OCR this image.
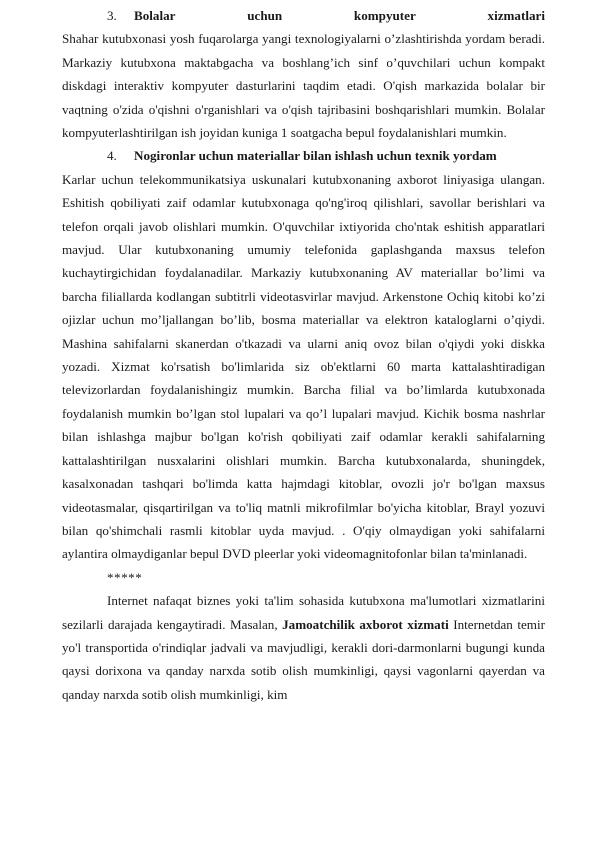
3.	Bolalar	uchun	kompyuter	xizmatlari

Shahar kutubxonasi yosh fuqarolarga yangi texnologiyalarni o’zlashtirishda yordam beradi. Markaziy kutubxona maktabgacha va boshlang’ich sinf o’quvchilari uchun kompakt diskdagi interaktiv kompyuter dasturlarini taqdim etadi. O'qish markazida bolalar bir vaqtning o'zida o'qishni o'rganishlari va o'qish tajribasini boshqarishlari mumkin. Bolalar kompyuterlashtirilgan ish joyidan kuniga 1 soatgacha bepul foydalanishlari mumkin.

4.	Nogironlar uchun materiallar bilan ishlash uchun texnik yordam

Karlar uchun telekommunikatsiya uskunalari kutubxonaning axborot liniyasiga ulangan. Eshitish qobiliyati zaif odamlar kutubxonaga qo'ng'iroq qilishlari, savollar berishlari va telefon orqali javob olishlari mumkin. O'quvchilar ixtiyorida cho'ntak eshitish apparatlari mavjud. Ular kutubxonaning umumiy telefonida gaplashganda maxsus telefon kuchaytirgichidan foydalanadilar. Markaziy kutubxonaning AV materiallar bo’limi va barcha filiallarda kodlangan subtitrli videotasvirlar mavjud. Arkenstone Ochiq kitobi ko’zi ojizlar uchun mo’ljallangan bo’lib, bosma materiallar va elektron kataloglarni o’qiydi. Mashina sahifalarni skanerdan o'tkazadi va ularni aniq ovoz bilan o'qiydi yoki diskka yozadi. Xizmat ko'rsatish bo'limlarida siz ob'ektlarni 60 marta kattalashtiradigan televizorlardan foydalanishingiz mumkin. Barcha filial va bo’limlarda kutubxonada foydalanish mumkin bo’lgan stol lupalari va qo’l lupalari mavjud. Kichik bosma nashrlar bilan ishlashga majbur bo'lgan ko'rish qobiliyati zaif odamlar kerakli sahifalarning kattalashtirilgan nusxalarini olishlari mumkin. Barcha kutubxonalarda, shuningdek, kasalxonadan tashqari bo'limda katta hajmdagi kitoblar, ovozli jo'r bo'lgan maxsus videotasmalar, qisqartirilgan va to'liq matnli mikrofilmlar bo'yicha kitoblar, Brayl yozuvi bilan qo'shimchali rasmli kitoblar uyda mavjud. . O'qiy olmaydigan yoki sahifalarni aylantira olmaydiganlar bepul DVD pleerlar yoki videomagnitofonlar bilan ta'minlanadi.

*****

Internet nafaqat biznes yoki ta'lim sohasida kutubxona ma'lumotlari xizmatlarini sezilarli darajada kengaytiradi. Masalan, Jamoatchilik axborot xizmati Internetdan temir yo'l transportida o'rindiqlar jadvali va mavjudligi, kerakli dori-darmonlarni bugungi kunda qaysi dorixona va qanday narxda sotib olish mumkinligi, qaysi vagonlarni qayerdan va qanday narxda sotib olish mumkinligi, kim
